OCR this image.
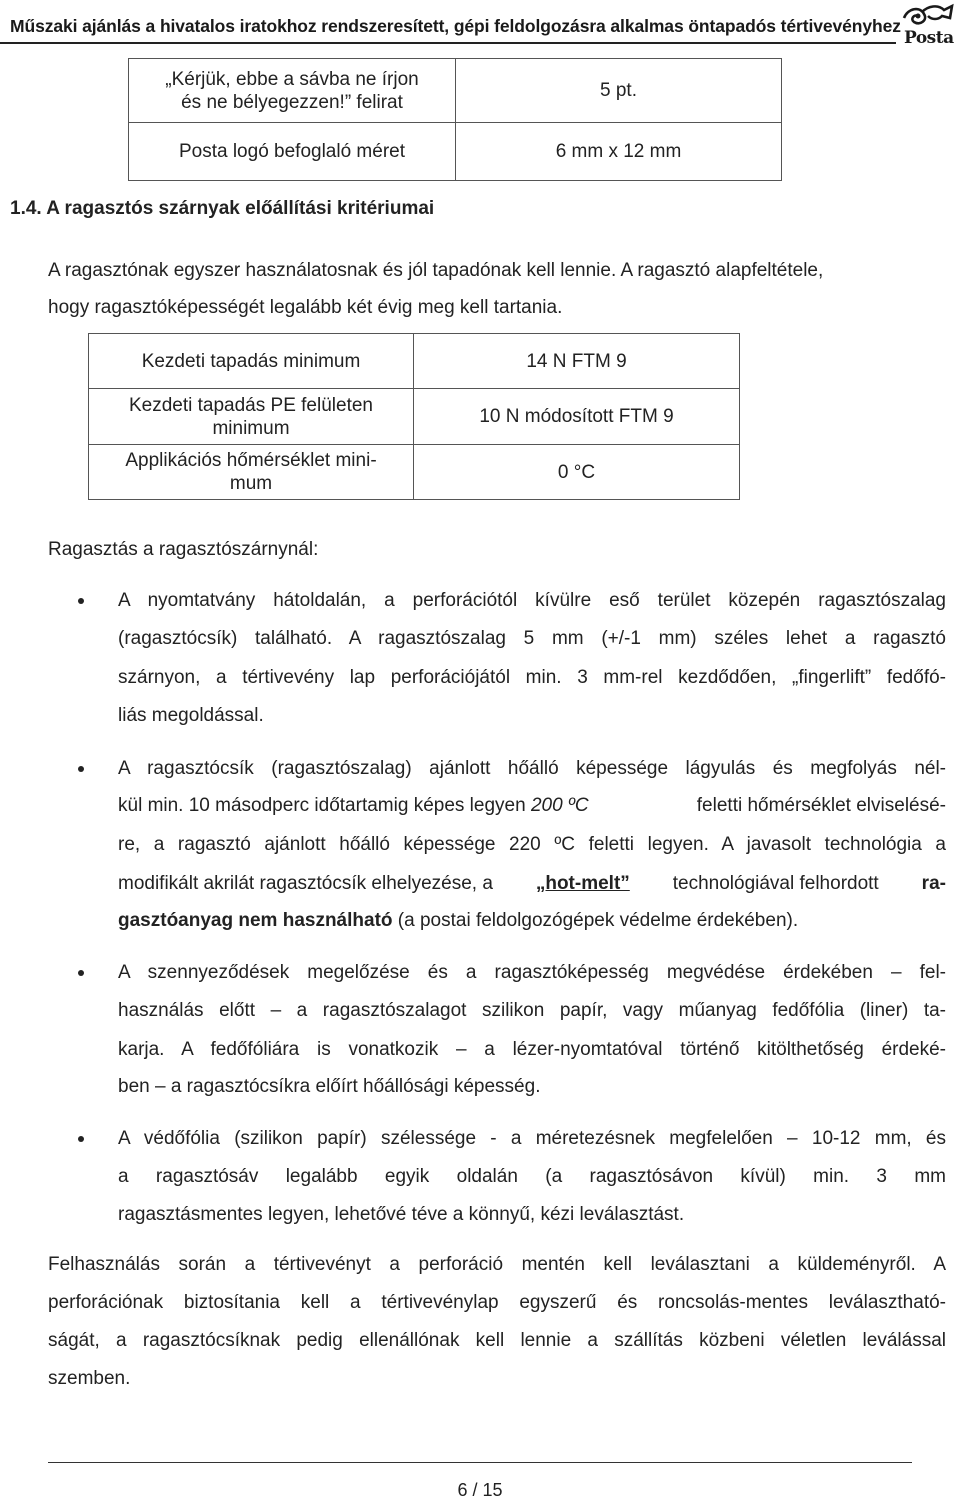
Műszaki ajánlás a hivatalos iratokhoz rendszeresített, gépi feldolgozásra alkalmas öntapadós tértivevényhez
Posta
„Kérjük, ebbe a sávba ne írjon
és ne bélyegezzen!” felirat	5 pt.
Posta logó befoglaló méret	6 mm x 12 mm
1.4. A ragasztós szárnyak előállítási kritériumai
A ragasztónak egyszer használatosnak és jól tapadónak kell lennie. A ragasztó alapfeltétele,
hogy ragasztóképességét legalább két évig meg kell tartania.
Kezdeti tapadás minimum	14 N FTM 9

Kezdeti tapadás PE felületen
minimum	10 N módosított FTM 9

Applikációs hőmérséklet mini-
mum	0 °C
Ragasztás a ragasztószárnynál:
A nyomtatvány hátoldalán, a perforációtól kívülre eső terület közepén ragasztószalag
(ragasztócsík) található. A ragasztószalag 5 mm (+/-1 mm) széles lehet a ragasztó
szárnyon, a tértivevény lap perforációjától min. 3 mm-rel kezdődően, „fingerlift” fedőfó-
liás megoldással.
A ragasztócsík (ragasztószalag) ajánlott hőálló képessége lágyulás és megfolyás nél-
kül min. 10 másodperc időtartamig képes legyen 200 ºC	feletti hőmérséklet elviselésé-
re, a ragasztó ajánlott hőálló képessége 220 ºC feletti legyen. A javasolt technológia a
modifikált akrilát ragasztócsík elhelyezése, a „hot-melt” technológiával felhordott ra-
gasztóanyag nem használható (a postai feldolgozógépek védelme érdekében).
A szennyeződések megelőzése és a ragasztóképesség megvédése érdekében – fel-
használás előtt – a ragasztószalagot szilikon papír, vagy műanyag fedőfólia (liner) ta-
karja. A fedőfóliára is vonatkozik – a lézer-nyomtatóval történő kitölthetőség érdeké-
ben – a ragasztócsíkra előírt hőállósági képesség.
A védőfólia (szilikon papír) szélessége - a méretezésnek megfelelően – 10-12 mm, és
a ragasztósáv legalább egyik oldalán (a ragasztósávon kívül) min. 3 mm
ragasztásmentes legyen, lehetővé téve a könnyű, kézi leválasztást.
Felhasználás során a tértivevényt a perforáció mentén kell leválasztani a küldeményről. A
perforációnak biztosítania kell a tértivevénylap egyszerű és roncsolás-mentes leválasztható-
ságát, a ragasztócsíknak pedig ellenállónak kell lennie a szállítás közbeni véletlen leválással
szemben.
6 / 15
